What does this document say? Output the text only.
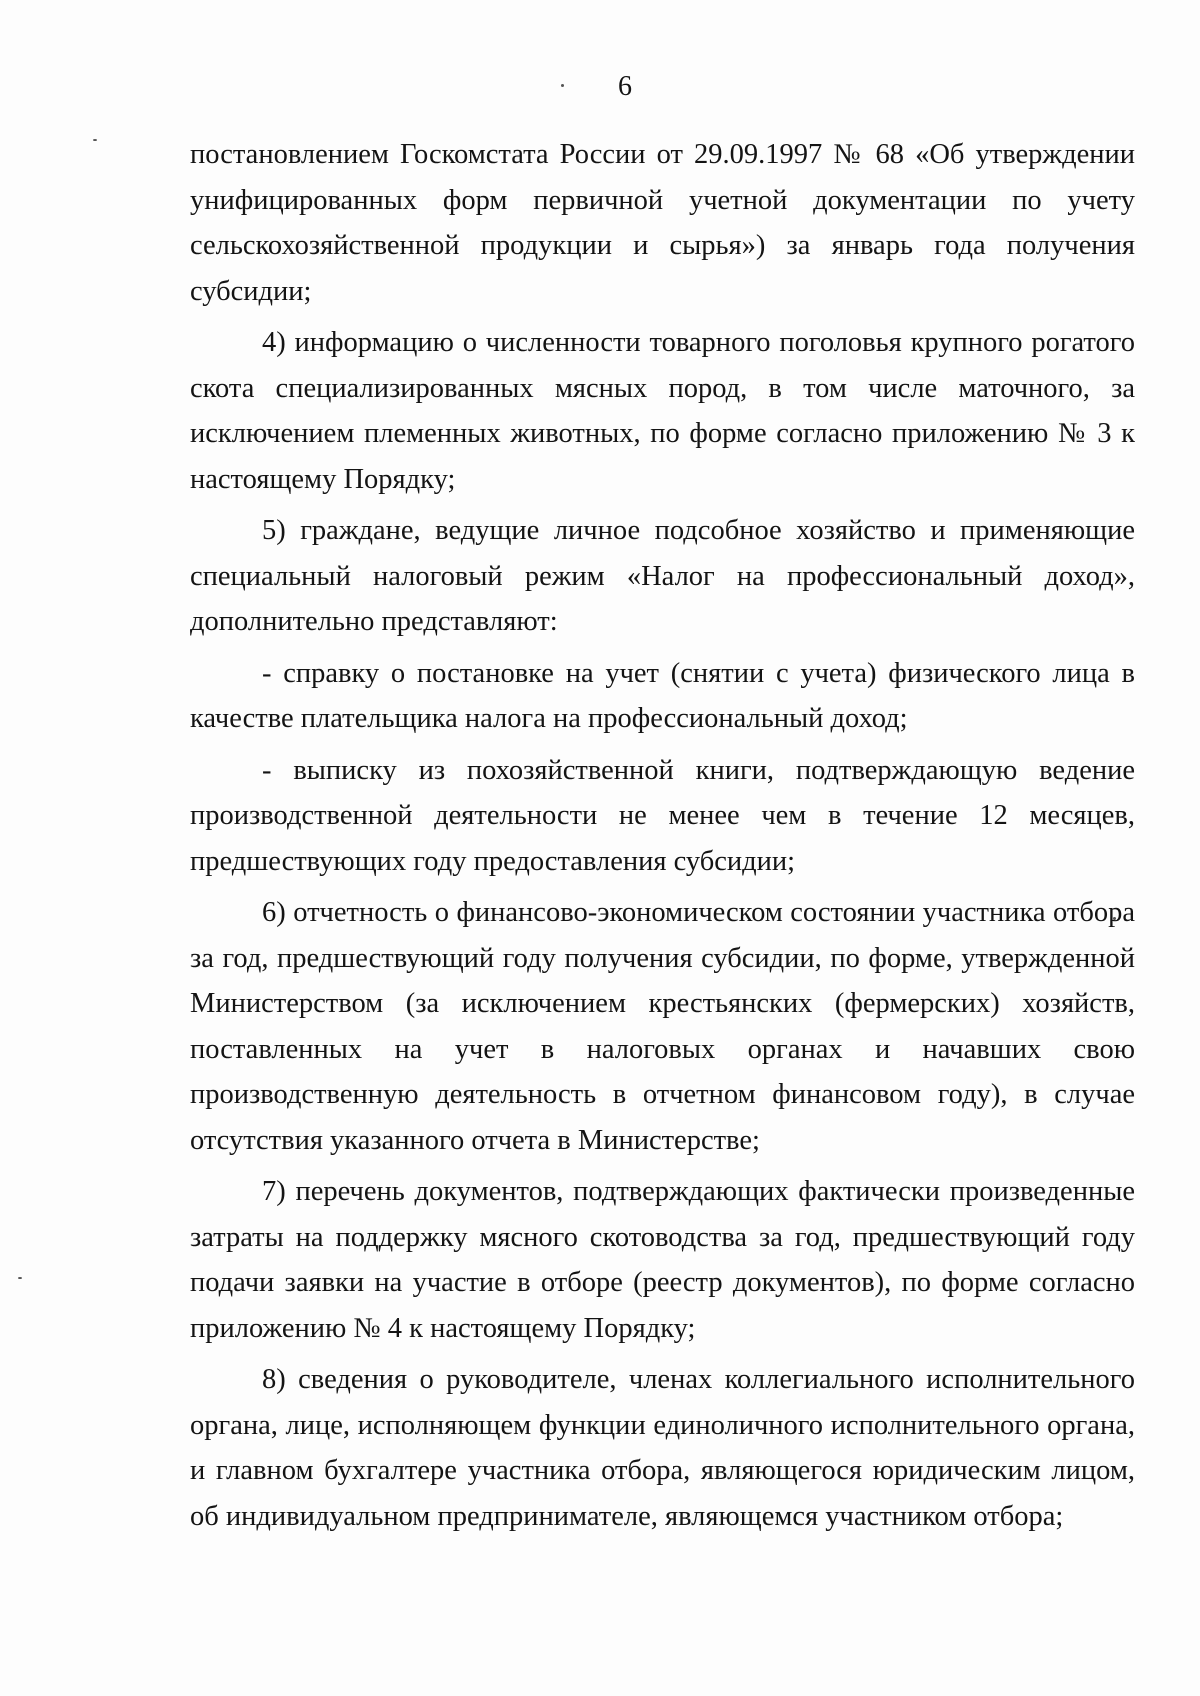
6

постановлением Госкомстата России от 29.09.1997 № 68 «Об утверждении унифицированных форм первичной учетной документации по учету сельскохозяйственной продукции и сырья») за январь года получения субсидии;

4) информацию о численности товарного поголовья крупного рогатого скота специализированных мясных пород, в том числе маточного, за исключением племенных животных, по форме согласно приложению № 3 к настоящему Порядку;

5) граждане, ведущие личное подсобное хозяйство и применяющие специальный налоговый режим «Налог на профессиональный доход», дополнительно представляют:

- справку о постановке на учет (снятии с учета) физического лица в качестве плательщика налога на профессиональный доход;

- выписку из похозяйственной книги, подтверждающую ведение производственной деятельности не менее чем в течение 12 месяцев, предшествующих году предоставления субсидии;

6) отчетность о финансово-экономическом состоянии участника отбора за год, предшествующий году получения субсидии, по форме, утвержденной Министерством (за исключением крестьянских (фермерских) хозяйств, поставленных на учет в налоговых органах и начавших свою производственную деятельность в отчетном финансовом году), в случае отсутствия указанного отчета в Министерстве;

7) перечень документов, подтверждающих фактически произведенные затраты на поддержку мясного скотоводства за год, предшествующий году подачи заявки на участие в отборе (реестр документов), по форме согласно приложению № 4 к настоящему Порядку;

8) сведения о руководителе, членах коллегиального исполнительного органа, лице, исполняющем функции единоличного исполнительного органа, и главном бухгалтере участника отбора, являющегося юридическим лицом, об индивидуальном предпринимателе, являющемся участником отбора;
